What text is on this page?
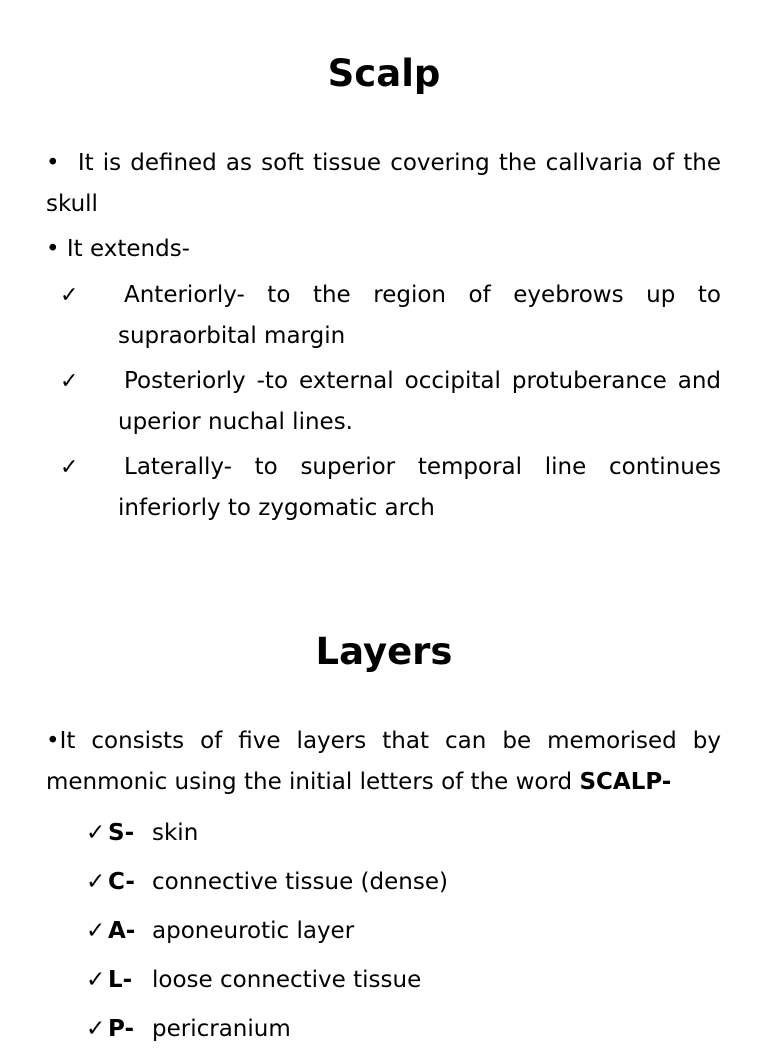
Scalp
• It is defined as soft tissue covering the callvaria of the
skull
• It extends-
✓ Anteriorly- to the region of eyebrows up to
supraorbital margin
✓ Posteriorly -to external occipital protuberance and
uperior nuchal lines.
✓ Laterally- to superior temporal line continues
inferiorly to zygomatic arch
Layers
•It consists of five layers that can be memorised by
menmonic using the initial letters of the word SCALP-
✓ S- skin
✓ C- connective tissue (dense)
✓ A- aponeurotic layer
✓ L- loose connective tissue
✓ P- pericranium
